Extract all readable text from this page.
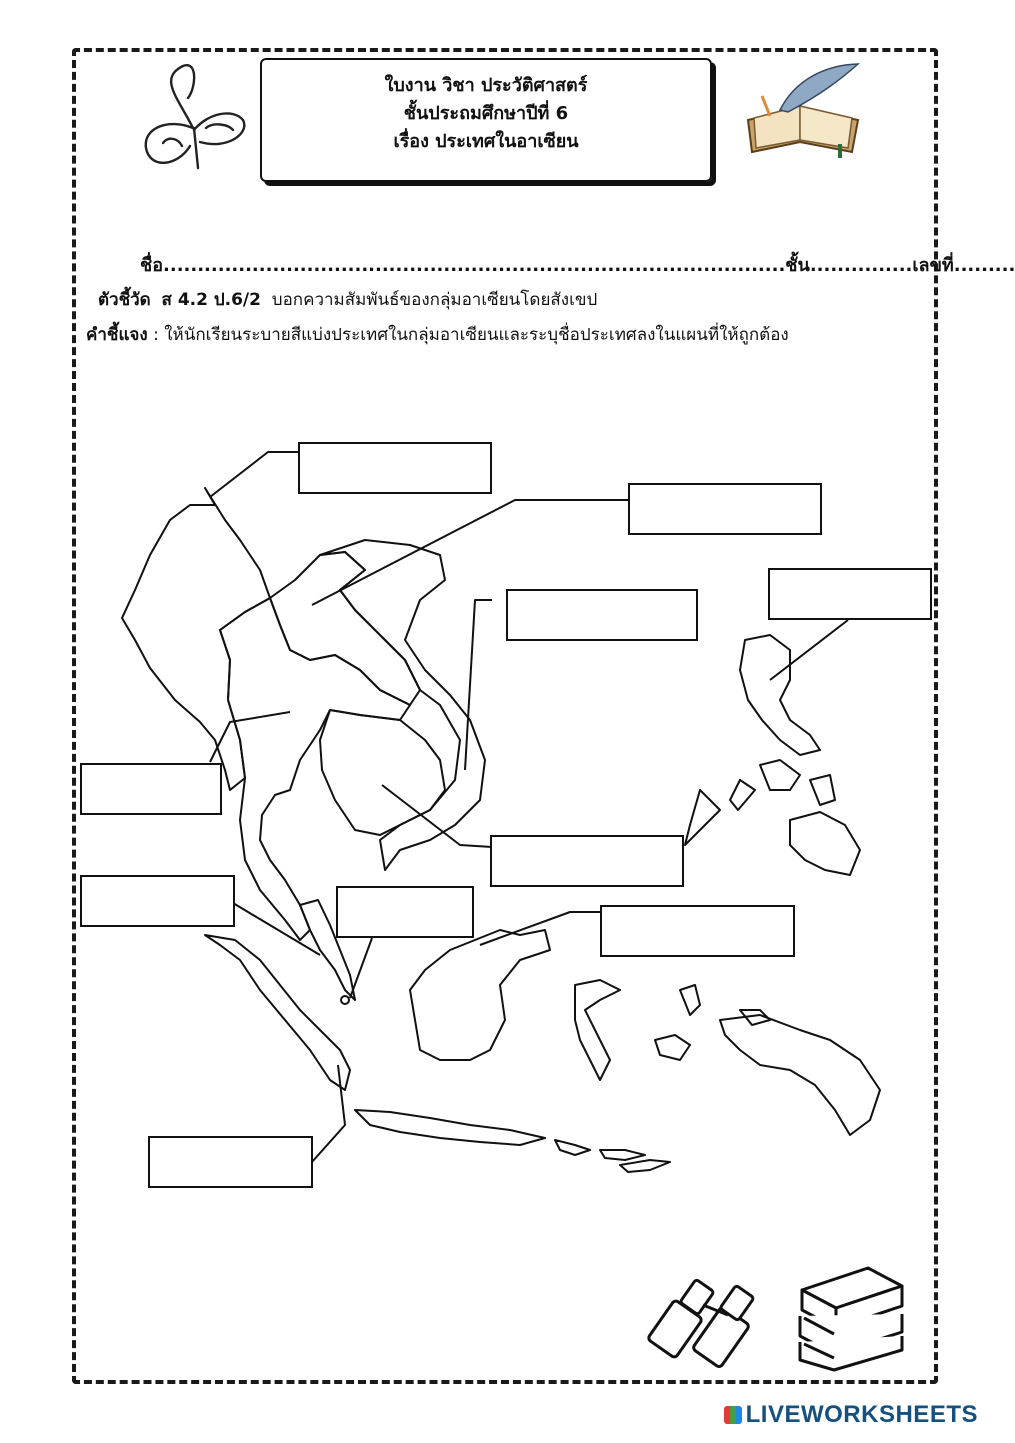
ใบงาน วิชา ประวัติศาสตร์
ชั้นประถมศึกษาปีที่ 6
เรื่อง ประเทศในอาเซียน
ชื่อ...........................................................................................ชั้น...............เลขที่.........
ตัวชี้วัด ส 4.2 ป.6/2 บอกความสัมพันธ์ของกลุ่มอาเซียนโดยสังเขป
คำชี้แจง : ให้นักเรียนระบายสีแบ่งประเทศในกลุ่มอาเซียนและระบุชื่อประเทศลงในแผนที่ให้ถูกต้อง
LIVEWORKSHEETS
